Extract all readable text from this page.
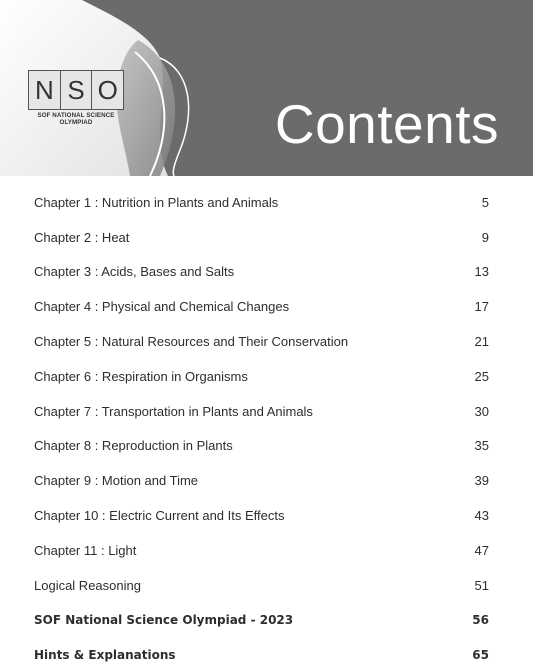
N S O
SOF NATIONAL SCIENCE
OLYMPIAD	Contents
Chapter 1 : Nutrition in Plants and Animals	5
Chapter 2 : Heat	9
Chapter 3 : Acids, Bases and Salts	13
Chapter 4 : Physical and Chemical Changes	17
Chapter 5 : Natural Resources and Their Conservation	21
Chapter 6 : Respiration in Organisms	25
Chapter 7 : Transportation in Plants and Animals	30
Chapter 8 : Reproduction in Plants	35
Chapter 9 : Motion and Time	39
Chapter 10 : Electric Current and Its Effects	43
Chapter 11 : Light	47
Logical Reasoning	51
SOF National Science Olympiad - 2023	56
Hints & Explanations	65
